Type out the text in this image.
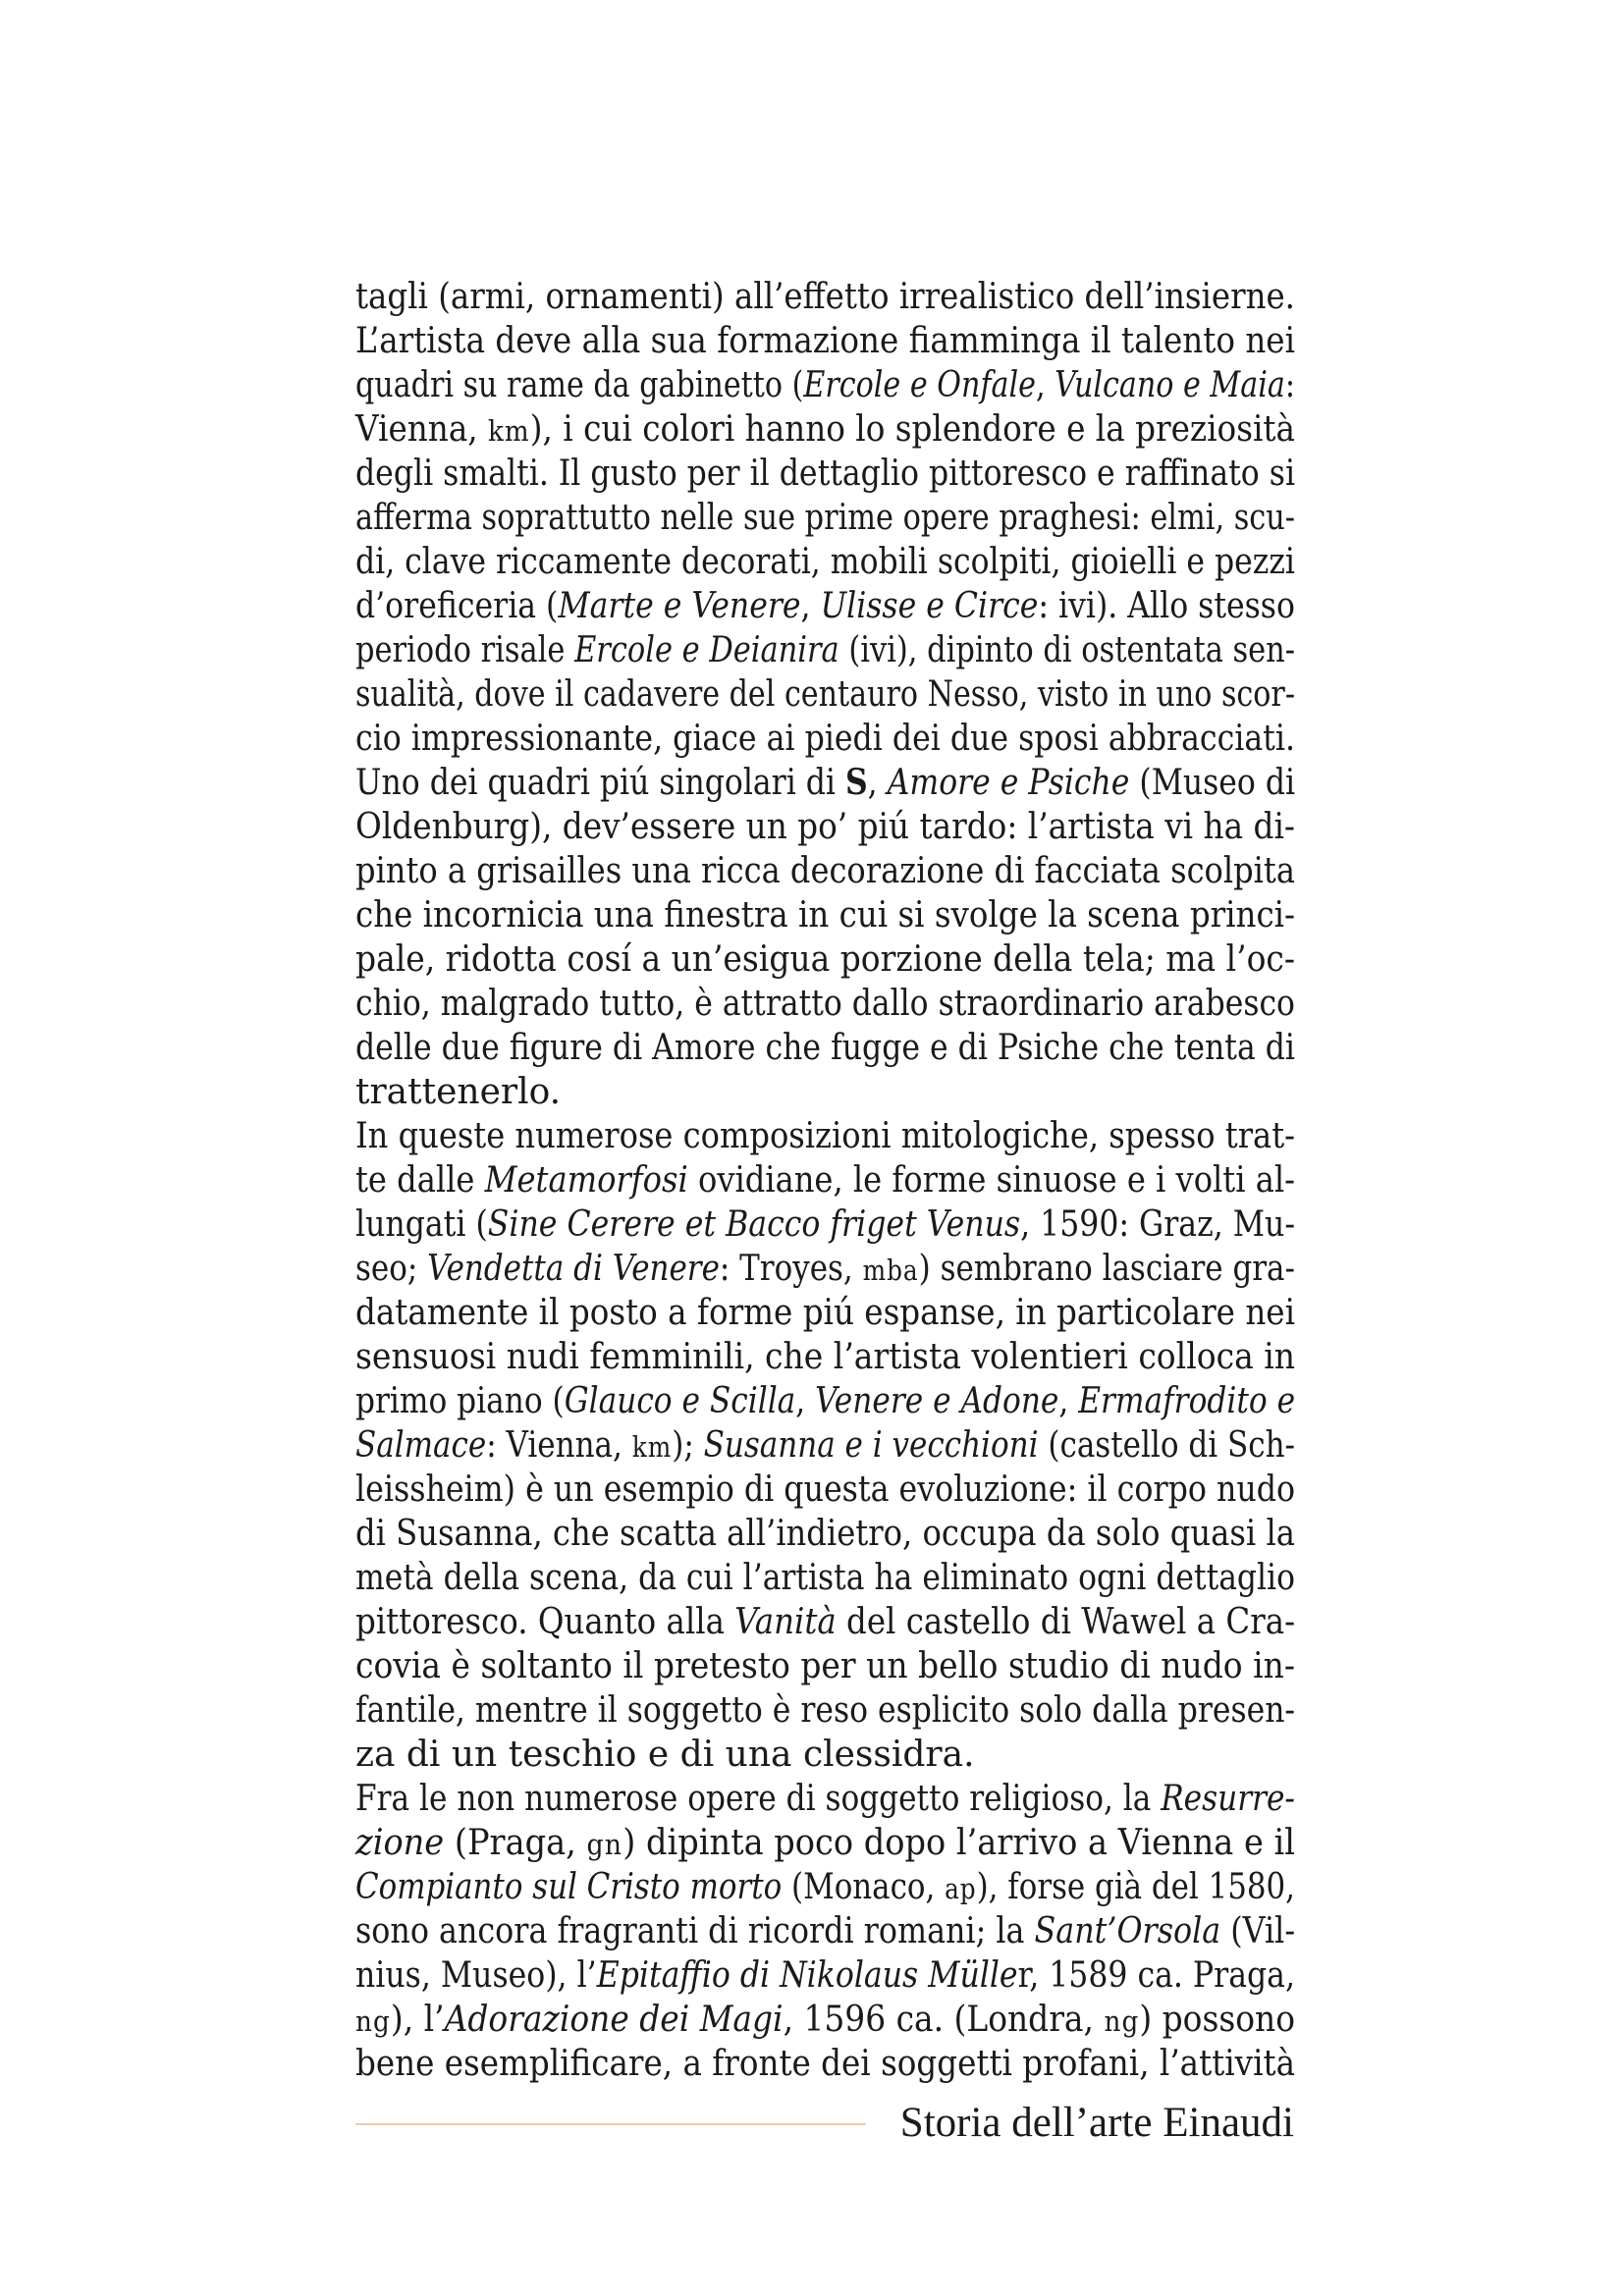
tagli (armi, ornamenti) all’effetto irrealistico dell’insierne.
L’artista deve alla sua formazione fiamminga il talento nei
quadri su rame da gabinetto (Ercole e Onfale, Vulcano e Maia:
Vienna, km), i cui colori hanno lo splendore e la preziosità
degli smalti. Il gusto per il dettaglio pittoresco e raffinato si
afferma soprattutto nelle sue prime opere praghesi: elmi, scu-
di, clave riccamente decorati, mobili scolpiti, gioielli e pezzi
d’oreficeria (Marte e Venere, Ulisse e Circe: ivi). Allo stesso
periodo risale Ercole e Deianira (ivi), dipinto di ostentata sen-
sualità, dove il cadavere del centauro Nesso, visto in uno scor-
cio impressionante, giace ai piedi dei due sposi abbracciati.
Uno dei quadri piú singolari di S, Amore e Psiche (Museo di
Oldenburg), dev’essere un po’ piú tardo: l’artista vi ha di-
pinto a grisailles una ricca decorazione di facciata scolpita
che incornicia una finestra in cui si svolge la scena princi-
pale, ridotta cosí a un’esigua porzione della tela; ma l’oc-
chio, malgrado tutto, è attratto dallo straordinario arabesco
delle due figure di Amore che fugge e di Psiche che tenta di
trattenerlo.
In queste numerose composizioni mitologiche, spesso trat-
te dalle Metamorfosi ovidiane, le forme sinuose e i volti al-
lungati (Sine Cerere et Bacco friget Venus, 1590: Graz, Mu-
seo; Vendetta di Venere: Troyes, mba) sembrano lasciare gra-
datamente il posto a forme piú espanse, in particolare nei
sensuosi nudi femminili, che l’artista volentieri colloca in
primo piano (Glauco e Scilla, Venere e Adone, Ermafrodito e
Salmace: Vienna, km); Susanna e i vecchioni (castello di Sch-
leissheim) è un esempio di questa evoluzione: il corpo nudo
di Susanna, che scatta all’indietro, occupa da solo quasi la
metà della scena, da cui l’artista ha eliminato ogni dettaglio
pittoresco. Quanto alla Vanità del castello di Wawel a Cra-
covia è soltanto il pretesto per un bello studio di nudo in-
fantile, mentre il soggetto è reso esplicito solo dalla presen-
za di un teschio e di una clessidra.
Fra le non numerose opere di soggetto religioso, la Resurre-
zione (Praga, gn) dipinta poco dopo l’arrivo a Vienna e il
Compianto sul Cristo morto (Monaco, ap), forse già del 1580,
sono ancora fragranti di ricordi romani; la Sant’Orsola (Vil-
nius, Museo), l’Epitaffio di Nikolaus Müller, 1589 ca. Praga,
ng), l’Adorazione dei Magi, 1596 ca. (Londra, ng) possono
bene esemplificare, a fronte dei soggetti profani, l’attività
Storia dell’arte Einaudi
